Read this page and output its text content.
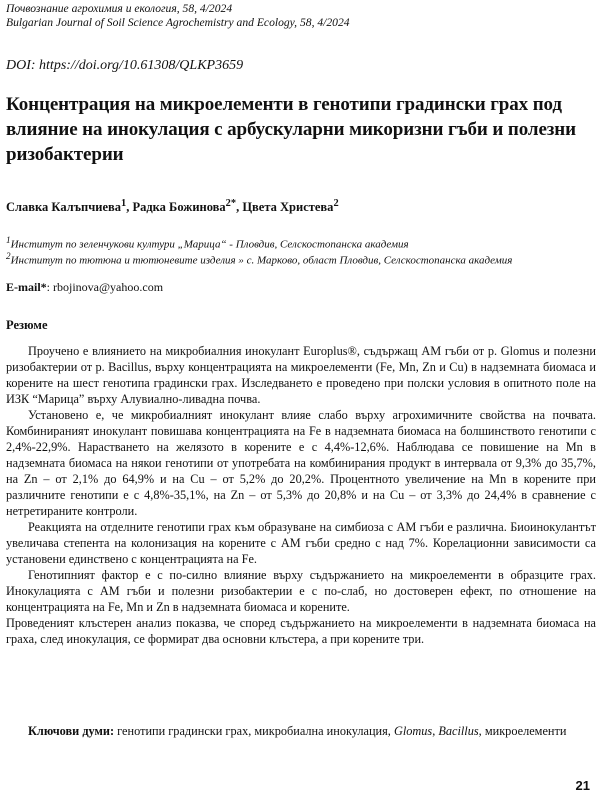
Почвознание агрохимия и екология, 58, 4/2024
Bulgarian Journal of Soil Science Agrochemistry and Ecology, 58, 4/2024
DOI: https://doi.org/10.61308/QLKP3659
Концентрация на микроелементи в генотипи градински грах под влияние на инокулация с арбускуларни микоризни гъби и полезни ризобактерии
Славка Калъпчиева$^1$, Радка Божинова$^{2*}$, Цвета Христева$^2$
$^1$Институт по зеленчукови култури „Марица“ - Пловдив, Селскостопанска академия
$^2$Институт по тютюна и тютюневите изделия » с. Марково, област Пловдив, Селскостопанска академия
E-mail*: rbojinova@yahoo.com
Резюме

Проучено е влиянието на микробиалния инокулант Europlus®, съдържащ АМ гъби от р. Glomus и полезни ризобактерии от р. Bacillus, върху концентрацията на микроелементи (Fe, Mn, Zn и Cu) в надземната биомаса и корените на шест генотипа градински грах. Изследването е проведено при полски условия в опитното поле на ИЗК “Марица” върху Алувиално-ливадна почва.

Установено е, че микробиалният инокулант влияе слабо върху агрохимичните свойства на почвата. Комбинираният инокулант повишава концентрацията на Fe в надземната биомаса на болшинството генотипи с 2,4%-22,9%. Нарастването на желязото в корените е с 4,4%-12,6%. Наблюдава се повишение на Mn в надземната биомаса на някои генотипи от употребата на комбинирания продукт в интервала от 9,3% до 35,7%, на Zn – от 2,1% до 64,9% и на Cu – от 5,2% до 20,2%. Процентното увеличение на Mn в корените при различните генотипи е с 4,8%-35,1%, на Zn – от 5,3% до 20,8% и на Cu – от 3,3% до 24,4% в сравнение с нетретираните контроли.

Реакцията на отделните генотипи грах към образуване на симбиоза с АМ гъби е различна. Биоинокулантът увеличава степента на колонизация на корените с АМ гъби средно с над 7%. Корелационни зависимости са установени единствено с концентрацията на Fe.

Генотипният фактор е с по-силно влияние върху съдържанието на микроелементи в образците грах. Инокулацията с АМ гъби и полезни ризобактерии е с по-слаб, но достоверен ефект, по отношение на концентрацията на Fe, Mn и Zn в надземната биомаса и корените.

Проведеният клъстерен анализ показва, че според съдържанието на микроелементи в надземната биомаса на граха, след инокулация, се формират два основни клъстера, а при корените три.

Ключови думи: генотипи градински грах, микробиална инокулация, Glomus, Bacillus, микроелементи

21
